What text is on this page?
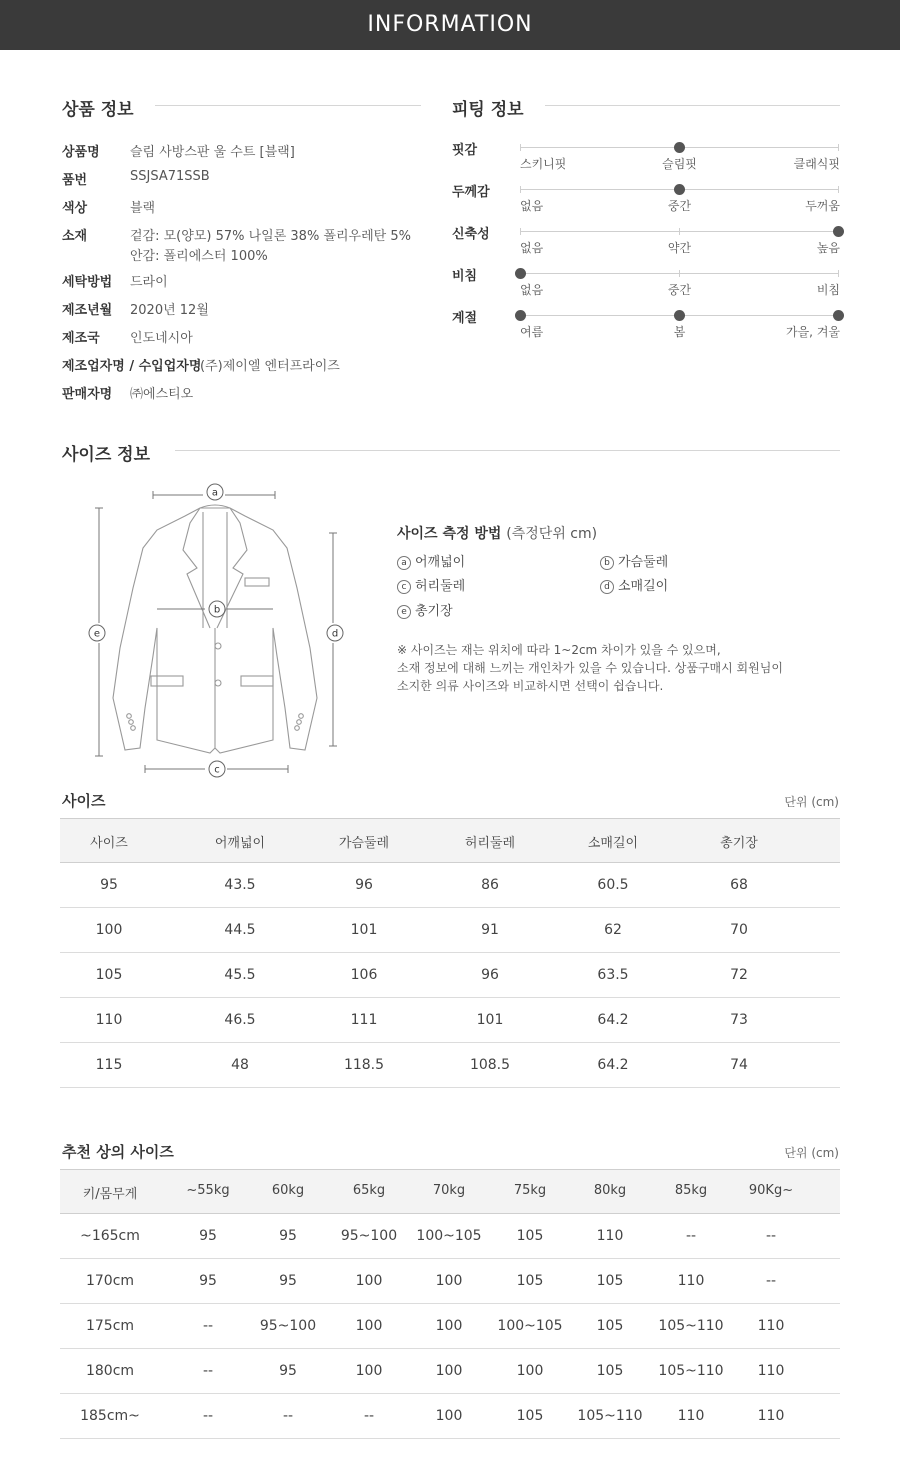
INFORMATION
상품 정보
상품명 슬림 사방스판 울 수트 [블랙]
품번	SSJSA71SSB
색상	블랙
소재	겉감: 모(양모) 57% 나일론 38% 폴리우레탄 5%
안감: 폴리에스터 100%
세탁방법 드라이
제조년월 2020년 12월
제조국 인도네시아
제조업자명 / 수입업자명
(주)제이엘 엔터프라이즈
판매자명 ㈜에스티오
피팅 정보
핏감
스키니핏	슬림핏	클래식핏
두께감
없음	중간	두꺼움
신축성
없음	약간	높음
비침
없음	중간	비침
계절
여름	봄	가을, 겨울
사이즈 정보
a
b
c
d
e
사이즈 측정 방법 (측정단위 cm)
a 어깨넓이	b 가슴둘레
c 허리둘레	d 소매길이
e 총기장
※ 사이즈는 재는 위치에 따라 1~2cm 차이가 있을 수 있으며,
소재 정보에 대해 느끼는 개인차가 있을 수 있습니다. 상품구매시 회원님이
소지한 의류 사이즈와 비교하시면 선택이 쉽습니다.
사이즈	단위 (cm)
사이즈	어깨넓이	가슴둘레	허리둘레	소매길이	총기장
95	43.5	96	86	60.5	68
100	44.5	101	91	62	70
105	45.5	106	96	63.5	72
110	46.5	111	101	64.2	73
115	48	118.5	108.5	64.2	74
추천 상의 사이즈	단위 (cm)
키/몸무게	~55kg	60kg	65kg	70kg	75kg	80kg	85kg	90Kg~
~165cm	95	95	95~100	100~105	105	110	--	--
170cm	95	95	100	100	105	105	110	--
175cm	--	95~100	100	100	100~105	105	105~110	110
180cm	--	95	100	100	100	105	105~110	110
185cm~	--	--	--	100	105	105~110	110	110
